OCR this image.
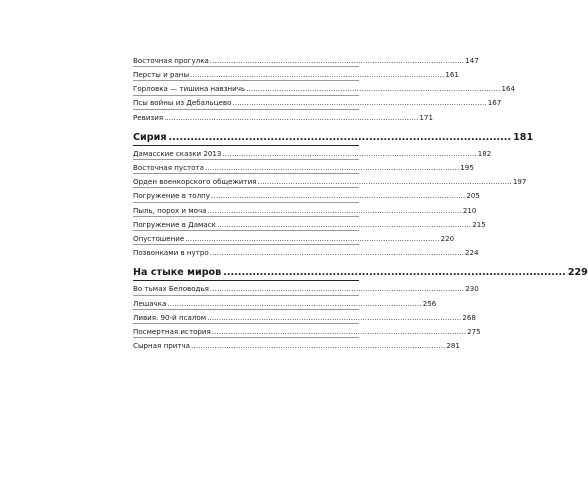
Восточная прогулка ............................................................................................................ 147
Персты и раны ............................................................................................................ 161
Горловка — тишина навзничь ............................................................................................................ 164
Псы войны из Дебальцево ............................................................................................................ 167
Ревизия ............................................................................................................ 171
Сирия .............................................................................................. 181
Дамасские сказки 2013 ............................................................................................................ 182
Восточная пустота ............................................................................................................ 195
Орден военкорского общежития ............................................................................................................ 197
Погружение в толпу ............................................................................................................ 205
Пыль, порох и моча ............................................................................................................ 210
Погружение в Дамаск ............................................................................................................ 215
Опустошение ............................................................................................................ 220
Позвонками в нутро ............................................................................................................ 224
На стыке миров .............................................................................................. 229
Во тьмах Беловодья ............................................................................................................ 230
Лешачка ............................................................................................................ 256
Ливия. 90-й псалом ............................................................................................................ 268
Посмертная история ............................................................................................................ 275
Сырная притча ............................................................................................................ 281
